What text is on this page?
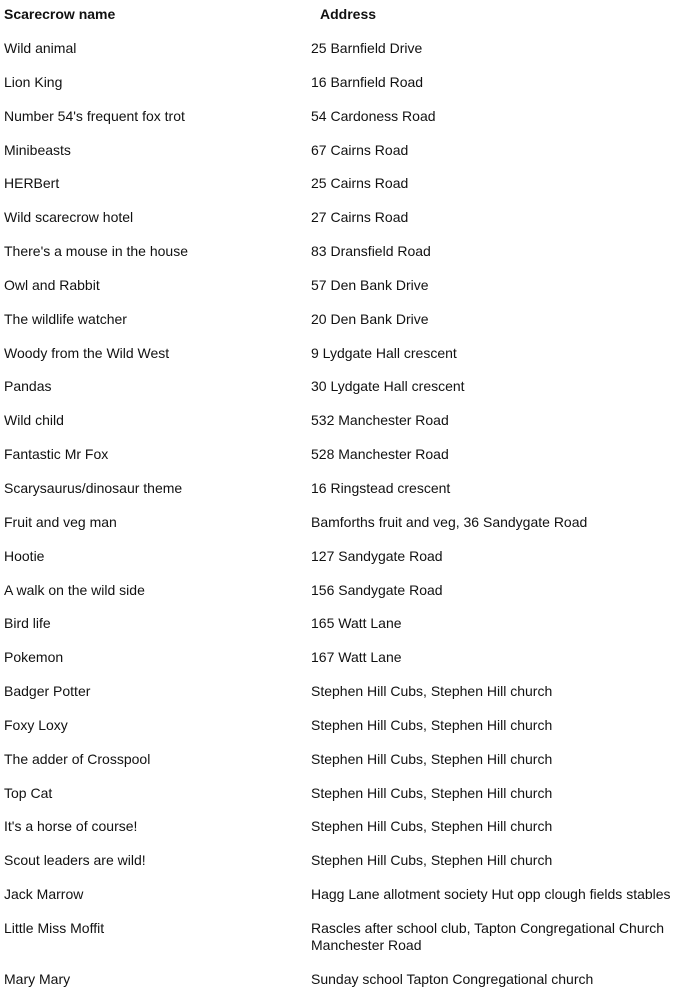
Scarecrow name	Address
Wild animal	25 Barnfield Drive
Lion King	16 Barnfield Road
Number 54's frequent fox trot	54 Cardoness Road
Minibeasts	67 Cairns Road
HERBert	25 Cairns Road
Wild scarecrow hotel	27 Cairns Road
There's a mouse in the house	83 Dransfield Road
Owl and Rabbit	57 Den Bank Drive
The wildlife watcher	20 Den Bank Drive
Woody from the Wild West	9 Lydgate Hall crescent
Pandas	30 Lydgate Hall crescent
Wild child	532 Manchester Road
Fantastic Mr Fox	528 Manchester Road
Scarysaurus/dinosaur theme	16 Ringstead crescent
Fruit and veg man	Bamforths fruit and veg, 36 Sandygate Road
Hootie	127 Sandygate Road
A walk on the wild side	156 Sandygate Road
Bird life	165 Watt Lane
Pokemon	167 Watt Lane
Badger Potter	Stephen Hill Cubs, Stephen Hill church
Foxy Loxy	Stephen Hill Cubs, Stephen Hill church
The adder of Crosspool	Stephen Hill Cubs, Stephen Hill church
Top Cat	Stephen Hill Cubs, Stephen Hill church
It's a horse of course!	Stephen Hill Cubs, Stephen Hill church
Scout leaders are wild!	Stephen Hill Cubs, Stephen Hill church
Jack Marrow	Hagg Lane allotment society Hut opp clough fields stables
Little Miss Moffit	Rascles after school club, Tapton Congregational Church Manchester Road
Mary Mary	Sunday school Tapton Congregational church
